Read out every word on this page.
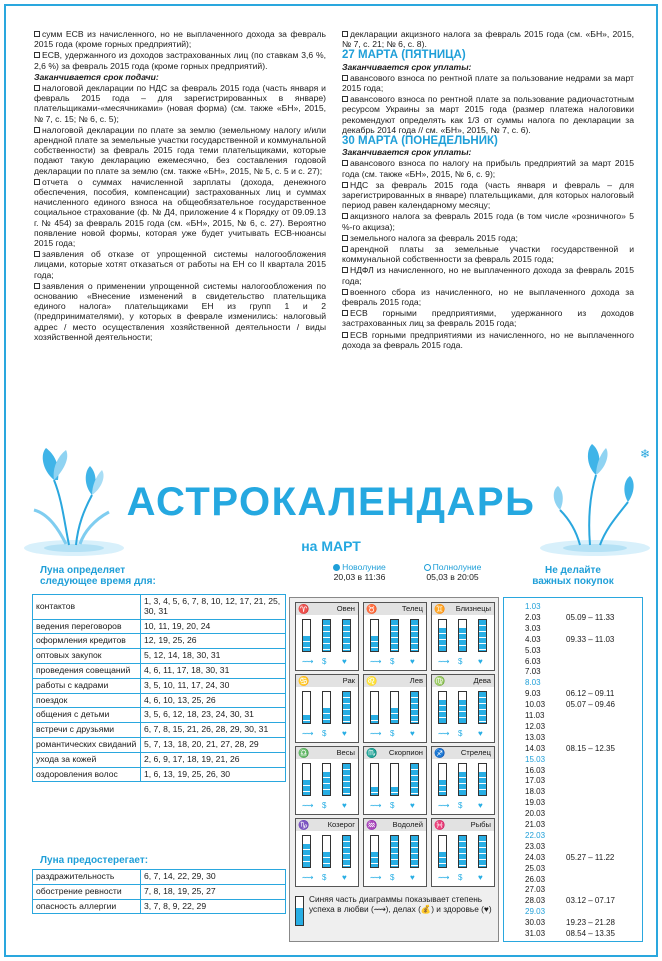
сумм ЕСВ из начисленного, но не выплаченного дохода за февраль 2015 года (кроме горных предприятий);

ЕСВ, удержанного из доходов застрахованных лиц (по ставкам 3,6 %, 2,6 %) за февраль 2015 года (кроме горных предприятий).

Заканчивается срок подачи:

налоговой декларации по НДС за февраль 2015 года (часть января и февраль 2015 года – для зарегистрированных в январе) плательщиками-«месячниками» (новая форма) (см. также «БН», 2015, № 7, с. 15; № 6, с. 5);

налоговой декларации по плате за землю (земельному налогу и/или арендной плате за земельные участки государственной и коммунальной собственности) за февраль 2015 года теми плательщиками, которые подают такую декларацию ежемесячно, без составления годовой декларации по плате за землю (см. также «БН», 2015, № 5, с. 5 и с. 27);

отчета о суммах начисленной зарплаты (дохода, денежного обеспечения, пособия, компенсации) застрахованных лиц и суммах начисленного единого взноса на общеобязательное государственное социальное страхование (ф. № Д4, приложение 4 к Порядку от 09.09.13 г. № 454) за февраль 2015 года (см. «БН», 2015, № 6, с. 27). Вероятно появление новой формы, которая уже будет учитывать ЕСВ-нюансы 2015 года;

заявления об отказе от упрощенной системы налогообложения лицами, которые хотят отказаться от работы на ЕН со II квартала 2015 года;

заявления о применении упрощенной системы налогообложения по основанию «Внесение изменений в свидетельство плательщика единого налога» плательщиками ЕН из групп 1 и 2 (предпринимателями), у которых в феврале изменились: налоговый адрес / место осуществления хозяйственной деятельности / виды хозяйственной деятельности;

декларации акцизного налога за февраль 2015 года (см. «БН», 2015, № 7, с. 21; № 6, с. 8).

27 МАРТА (ПЯТНИЦА)

Заканчивается срок уплаты:

авансового взноса по рентной плате за пользование недрами за март 2015 года;

авансового взноса по рентной плате за пользование радиочастотным ресурсом Украины за март 2015 года (размер платежа налоговики рекомендуют определять как 1/3 от суммы налога по декларации за декабрь 2014 года // см. «БН», 2015, № 7, с. 6).

30 МАРТА (ПОНЕДЕЛЬНИК)

Заканчивается срок уплаты:

авансового взноса по налогу на прибыль предприятий за март 2015 года (см. также «БН», 2015, № 6, с. 9);

НДС за февраль 2015 года (часть января и февраль – для зарегистрированных в январе) плательщиками, для которых налоговый период равен календарному месяцу;

акцизного налога за февраль 2015 года (в том числе «розничного» 5 %-го акциза);

земельного налога за февраль 2015 года;

арендной платы за земельные участки государственной и коммунальной собственности за февраль 2015 года;

НДФЛ из начисленного, но не выплаченного дохода за февраль 2015 года;

военного сбора из начисленного, но не выплаченного дохода за февраль 2015 года;

ЕСВ горными предприятиями, удержанного из доходов застрахованных лиц за февраль 2015 года;

ЕСВ горными предприятиями из начисленного, но не выплаченного дохода за февраль 2015 года.

❄
АСТРОКАЛЕНДАРЬ
на МАРТ
Луна определяет
следующее время для:
контактов	1, 3, 4, 5, 6, 7, 8, 10, 12, 17, 21, 25, 30, 31
ведения переговоров	10, 11, 19, 20, 24
оформления кредитов	12, 19, 25, 26
оптовых закупок	5, 12, 14, 18, 30, 31
проведения совещаний	4, 6, 11, 17, 18, 30, 31
работы с кадрами	3, 5, 10, 11, 17, 24, 30
поездок	4, 6, 10, 13, 25, 26
общения с детьми	3, 5, 6, 12, 18, 23, 24, 30, 31
встречи с друзьями	6, 7, 8, 15, 21, 26, 28, 29, 30, 31
романтических свиданий	5, 7, 13, 18, 20, 21, 27, 28, 29
ухода за кожей	2, 6, 9, 17, 18, 19, 21, 26
оздоровления волос	1, 6, 13, 19, 25, 26, 30
Луна предостерегает:
раздражительность	6, 7, 14, 22, 29, 30
обострение ревности	7, 8, 18, 19, 25, 27
опасность аллергии	3, 7, 8, 9, 22, 29
Новолуние
20,03 в 11:36
Полнолуние
05,03 в 20:05
Овен
♈
⟿ $ ♥
Телец
♉
⟿ $ ♥
Близнецы
♊
⟿ $ ♥
Рак
♋
⟿ $ ♥
Лев
♌
⟿ $ ♥
Дева
♍
⟿ $ ♥
Весы
♎
⟿ $ ♥
Скорпион
♏
⟿ $ ♥
Стрелец
♐
⟿ $ ♥
Козерог
♑
⟿ $ ♥
Водолей
♒
⟿ $ ♥
Рыбы
♓
⟿ $ ♥
Синяя часть диаграммы показывает степень успеха в любви (⟿), делах (💰) и здоровье (♥)
Не делайте
важных покупок
1.03
2.03	05.09 – 11.33
3.03
4.03	09.33 – 11.03
5.03
6.03
7.03
8.03
9.03	06.12 – 09.11
10.03	05.07 – 09.46
11.03
12.03
13.03
14.03	08.15 – 12.35
15.03
16.03
17.03
18.03
19.03
20.03
21.03
22.03
23.03
24.03	05.27 – 11.22
25.03
26.03
27.03
28.03	03.12 – 07.17
29.03
30.03	19.23 – 21.28
31.03	08.54 – 13.35
